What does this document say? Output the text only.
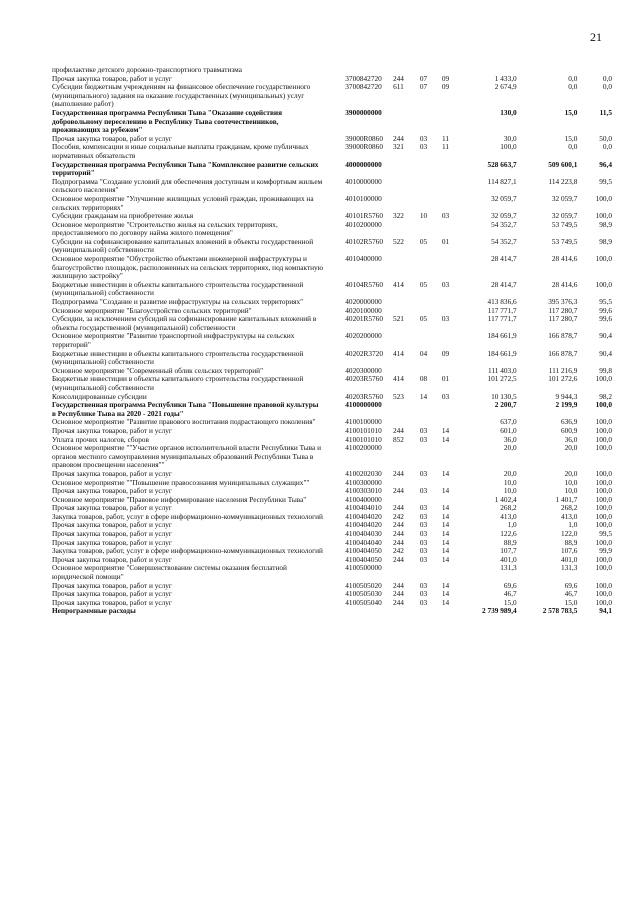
21
профилактике детского дорожно-транспортного травматизма							
Прочая закупка товаров, работ и услуг	3700842720	244	07	09	1 433,0	0,0	0,0
Субсидии бюджетным учреждениям на финансовое обеспечение государственного (муниципального) задания на оказание государственных (муниципальных) услуг (выполнение работ)	3700842720	611	07	09	2 674,9	0,0	0,0
Государственная программа Республики Тыва "Оказание содействия добровольному переселению в Республику Тыва соотечественников, проживающих за рубежом"	3900000000				130,0	15,0	11,5
Прочая закупка товаров, работ и услуг	39000R0860	244	03	11	30,0	15,0	50,0
Пособия, компенсации и иные социальные выплаты гражданам, кроме публичных нормативных обязательств	39000R0860	321	03	11	100,0	0,0	0,0
Государственная программа Республики Тыва "Комплексное развитие сельских территорий"	4000000000				528 663,7	509 600,1	96,4
Подпрограмма "Создание условий для обеспечения доступным и комфортным жильем сельского населения"	4010000000				114 827,1	114 223,8	99,5
Основное мероприятие "Улучшение жилищных условий граждан, проживающих на сельских территориях"	4010100000				32 059,7	32 059,7	100,0
Субсидии гражданам на приобретение жилья	40101R5760	322	10	03	32 059,7	32 059,7	100,0
Основное мероприятие "Строительство жилья на сельских территориях, предоставляемого по договору найма жилого помещения"	4010200000				54 352,7	53 749,5	98,9
Субсидии на софинансирование капитальных вложений в объекты государственной (муниципальной) собственности	40102R5760	522	05	01	54 352,7	53 749,5	98,9
Основное мероприятие "Обустройство объектами инженерной инфраструктуры и благоустройство площадок, расположенных на сельских территориях, под компактную жилищную застройку"	4010400000				28 414,7	28 414,6	100,0
Бюджетные инвестиции в объекты капитального строительства государственной (муниципальной) собственности	40104R5760	414	05	03	28 414,7	28 414,6	100,0
Подпрограмма "Создание и развитие инфраструктуры на сельских территориях"	4020000000				413 836,6	395 376,3	95,5
Основное мероприятие "Благоустройство сельских территорий"	4020100000				117 771,7	117 280,7	99,6
Субсидии, за исключением субсидий на софинансирование капитальных вложений в объекты государственной (муниципальной) собственности	40201R5760	521	05	03	117 771,7	117 280,7	99,6
Основное мероприятие "Развитие транспортной инфраструктуры на сельских территорий"	4020200000				184 661,9	166 878,7	90,4
Бюджетные инвестиции в объекты капитального строительства государственной (муниципальной) собственности	40202R3720	414	04	09	184 661,9	166 878,7	90,4
Основное мероприятие "Современный облик сельских территорий"	4020300000				111 403,0	111 216,9	99,8
Бюджетные инвестиции в объекты капитального строительства государственной (муниципальной) собственности	40203R5760	414	08	01	101 272,5	101 272,6	100,0
Консолидированные субсидии	40203R5760	523	14	03	10 130,5	9 944,3	98,2
Государственная программа Республики Тыва "Повышение правовой культуры в Республике Тыва на 2020 - 2021 годы"	4100000000				2 200,7	2 199,9	100,0
Основное мероприятие "Развитие правового воспитания подрастающего поколения"	4100100000				637,0	636,9	100,0
Прочая закупка товаров, работ и услуг	4100101010	244	03	14	601,0	600,9	100,0
Уплата прочих налогов, сборов	4100101010	852	03	14	36,0	36,0	100,0
Основное мероприятие ""Участие органов исполнительной власти Республики Тыва и органов местного самоуправления муниципальных образований Республики Тыва в правовом просвещении населения""	4100200000				20,0	20,0	100,0
Прочая закупка товаров, работ и услуг	4100202030	244	03	14	20,0	20,0	100,0
Основное мероприятие ""Повышение правосознания муниципальных служащих""	4100300000				10,0	10,0	100,0
Прочая закупка товаров, работ и услуг	4100303010	244	03	14	10,0	10,0	100,0
Основное мероприятие "Правовое информирование населения Республики Тыва"	4100400000				1 402,4	1 401,7	100,0
Прочая закупка товаров, работ и услуг	4100404010	244	03	14	268,2	268,2	100,0
Закупка товаров, работ, услуг в сфере информационно-коммуникационных технологий	4100404020	242	03	14	413,0	413,0	100,0
Прочая закупка товаров, работ и услуг	4100404020	244	03	14	1,0	1,0	100,0
Прочая закупка товаров, работ и услуг	4100404030	244	03	14	122,6	122,0	99,5
Прочая закупка товаров, работ и услуг	4100404040	244	03	14	88,9	88,9	100,0
Закупка товаров, работ, услуг в сфере информационно-коммуникационных технологий	4100404050	242	03	14	107,7	107,6	99,9
Прочая закупка товаров, работ и услуг	4100404050	244	03	14	401,0	401,0	100,0
Основное мероприятие "Совершенствование системы оказания бесплатной юридической помощи"	4100500000				131,3	131,3	100,0
Прочая закупка товаров, работ и услуг	4100505020	244	03	14	69,6	69,6	100,0
Прочая закупка товаров, работ и услуг	4100505030	244	03	14	46,7	46,7	100,0
Прочая закупка товаров, работ и услуг	4100505040	244	03	14	15,0	15,0	100,0
Непрограммные расходы					2 739 989,4	2 578 783,5	94,1
